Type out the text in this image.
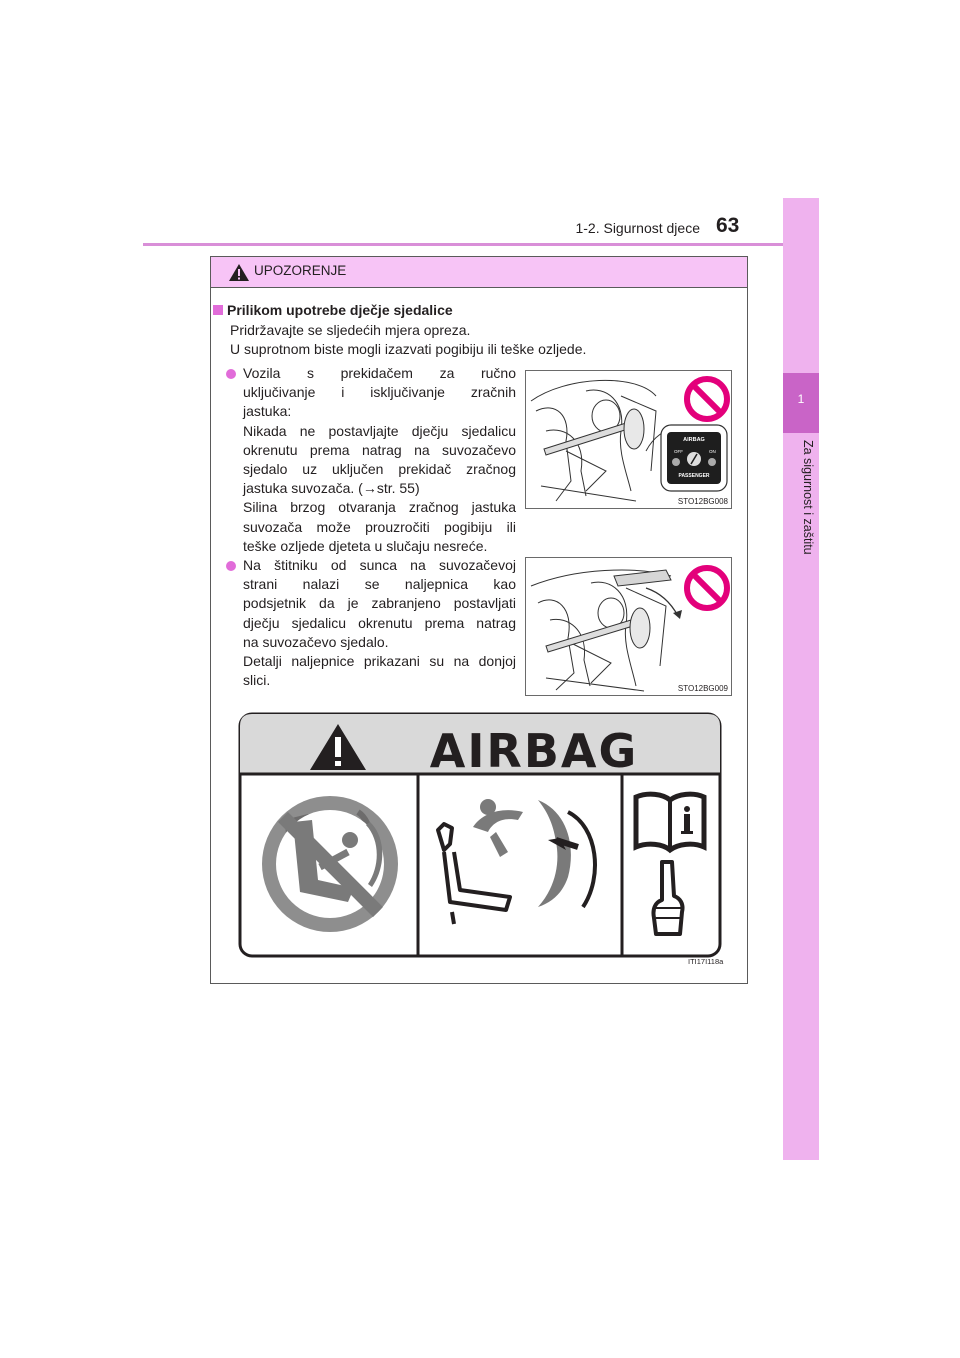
1-2. Sigurnost djece 63
1
Za sigurnost i zaštitu
UPOZORENJE
Prilikom upotrebe dječje sjedalice
Pridržavajte se sljedećih mjera opreza.
U suprotnom biste mogli izazvati pogibiju ili teške ozljede.
Vozila s prekidačem za ručno
uključivanje i isključivanje zračnih
jastuka:
Nikada ne postavljajte dječju sjedalicu
okrenutu prema natrag na suvozačevo
sjedalo uz uključen prekidač zračnog
jastuka suvozača. (→str. 55)
Silina brzog otvaranja zračnog jastuka
suvozača može prouzročiti pogibiju ili
teške ozljede djeteta u slučaju nesreće.
AIRBAG
OFF	ON
PASSENGER
STO12BG008
Na štitniku od sunca na suvozačevoj
strani nalazi se naljepnica kao
podsjetnik da je zabranjeno postavljati
dječju sjedalicu okrenutu prema natrag
na suvozačevo sjedalo.
Detalji naljepnice prikazani su na donjoj
slici.
STO12BG009
AIRBAG
ITI17I118a
